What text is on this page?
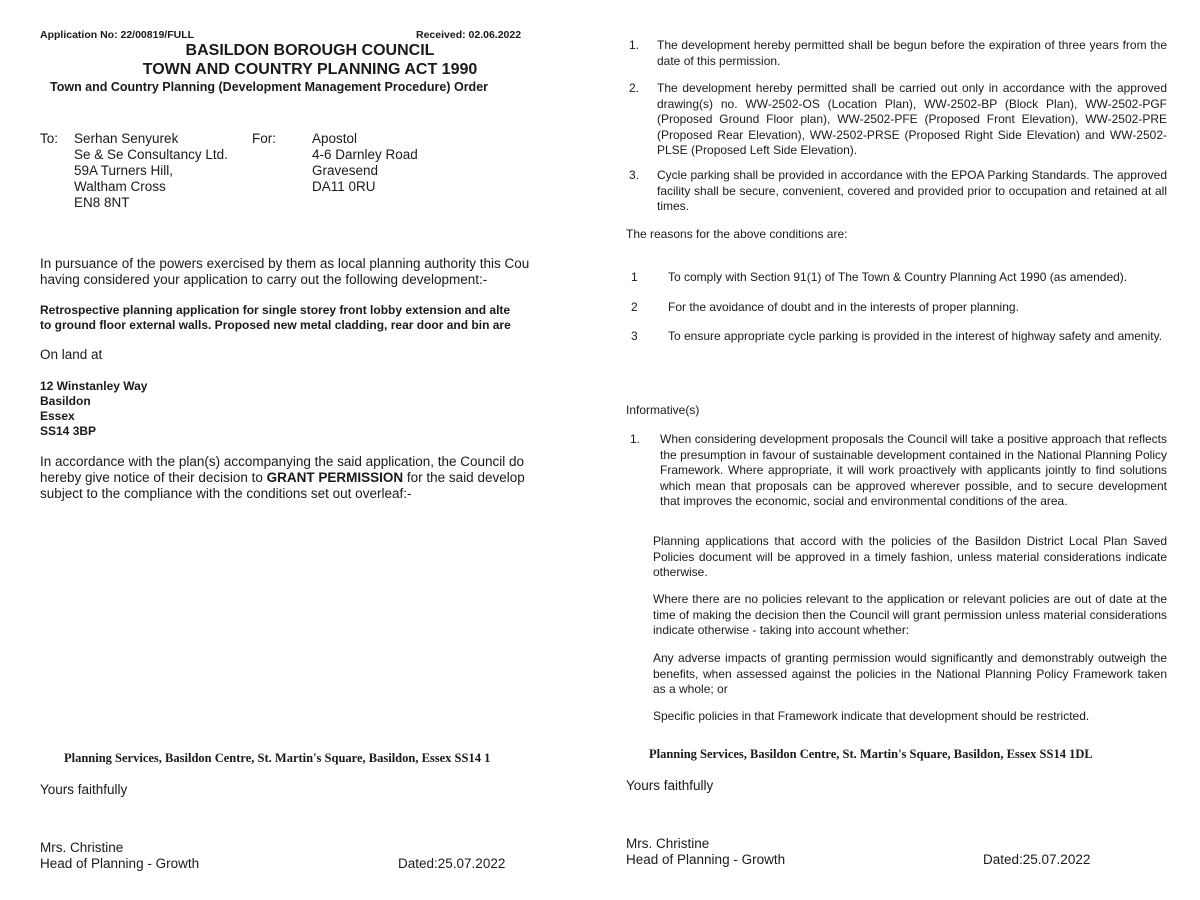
Application No: 22/00819/FULL	Received: 02.06.2022
BASILDON BOROUGH COUNCIL
TOWN AND COUNTRY PLANNING ACT 1990
Town and Country Planning (Development Management Procedure) Order
To: Serhan Senyurek
Se & Se Consultancy Ltd.
59A Turners Hill,
Waltham Cross
EN8 8NT
For:	Apostol
4-6 Darnley Road
Gravesend
DA11 0RU
In pursuance of the powers exercised by them as local planning authority this Cou
having considered your application to carry out the following development:-
Retrospective planning application for single storey front lobby extension and alte
to ground floor external walls. Proposed new metal cladding, rear door and bin are
On land at
12 Winstanley Way
Basildon
Essex
SS14 3BP
In accordance with the plan(s) accompanying the said application, the Council do
hereby give notice of their decision to GRANT PERMISSION for the said develop
subject to the compliance with the conditions set out overleaf:-
Planning Services, Basildon Centre, St. Martin's Square, Basildon, Essex SS14 1
Yours faithfully
Mrs. Christine
Head of Planning - Growth	Dated:25.07.2022
1. The development hereby permitted shall be begun before the expiration of three years from the date of this permission.
2. The development hereby permitted shall be carried out only in accordance with the approved drawing(s) no. WW-2502-OS (Location Plan), WW-2502-BP (Block Plan), WW-2502-PGF (Proposed Ground Floor plan), WW-2502-PFE (Proposed Front Elevation), WW-2502-PRE (Proposed Rear Elevation), WW-2502-PRSE (Proposed Right Side Elevation) and WW-2502-PLSE (Proposed Left Side Elevation).
3. Cycle parking shall be provided in accordance with the EPOA Parking Standards. The approved facility shall be secure, convenient, covered and provided prior to occupation and retained at all times.
The reasons for the above conditions are:
1	To comply with Section 91(1) of The Town & Country Planning Act 1990 (as amended).
2	For the avoidance of doubt and in the interests of proper planning.
3	To ensure appropriate cycle parking is provided in the interest of highway safety and amenity.
Informative(s)
1. When considering development proposals the Council will take a positive approach that reflects the presumption in favour of sustainable development contained in the National Planning Policy Framework. Where appropriate, it will work proactively with applicants jointly to find solutions which mean that proposals can be approved wherever possible, and to secure development that improves the economic, social and environmental conditions of the area.
Planning applications that accord with the policies of the Basildon District Local Plan Saved Policies document will be approved in a timely fashion, unless material considerations indicate otherwise.
Where there are no policies relevant to the application or relevant policies are out of date at the time of making the decision then the Council will grant permission unless material considerations indicate otherwise - taking into account whether:
Any adverse impacts of granting permission would significantly and demonstrably outweigh the benefits, when assessed against the policies in the National Planning Policy Framework taken as a whole; or
Specific policies in that Framework indicate that development should be restricted.
Planning Services, Basildon Centre, St. Martin's Square, Basildon, Essex SS14 1DL
Yours faithfully
Mrs. Christine
Head of Planning - Growth	Dated:25.07.2022
